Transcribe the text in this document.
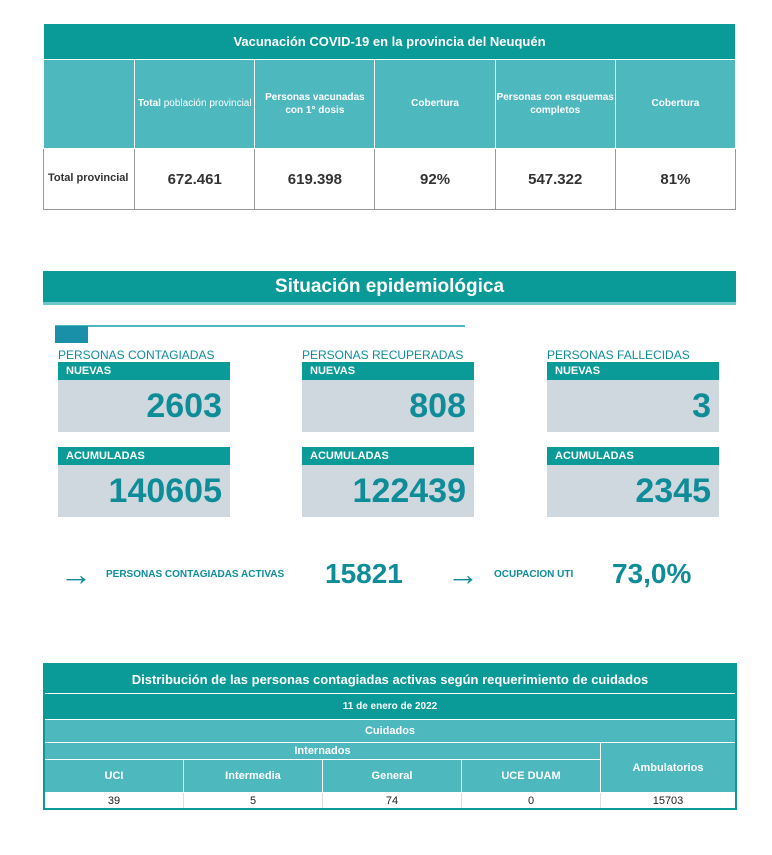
Vacunación COVID-19 en la provincia del Neuquén					
	Total población provincial	Personas vacunadas con 1° dosis	Cobertura	Personas con esquemas completos	Cobertura
Total provincial	672.461	619.398	92%	547.322	81%
Situación epidemiológica
PERSONAS CONTAGIADAS
NUEVAS
2603
ACUMULADAS
140605
PERSONAS RECUPERADAS
NUEVAS
808
ACUMULADAS
122439
PERSONAS FALLECIDAS
NUEVAS
3
ACUMULADAS
2345
→ PERSONAS CONTAGIADAS ACTIVAS 15821 → OCUPACION UTI 73,0%
Distribución de las personas contagiadas activas según requerimiento de cuidados				
11 de enero de 2022				
Cuidados				
Internados				Ambulatorios
UCI	Intermedia	General	UCE DUAM	
39	5	74	0	15703
